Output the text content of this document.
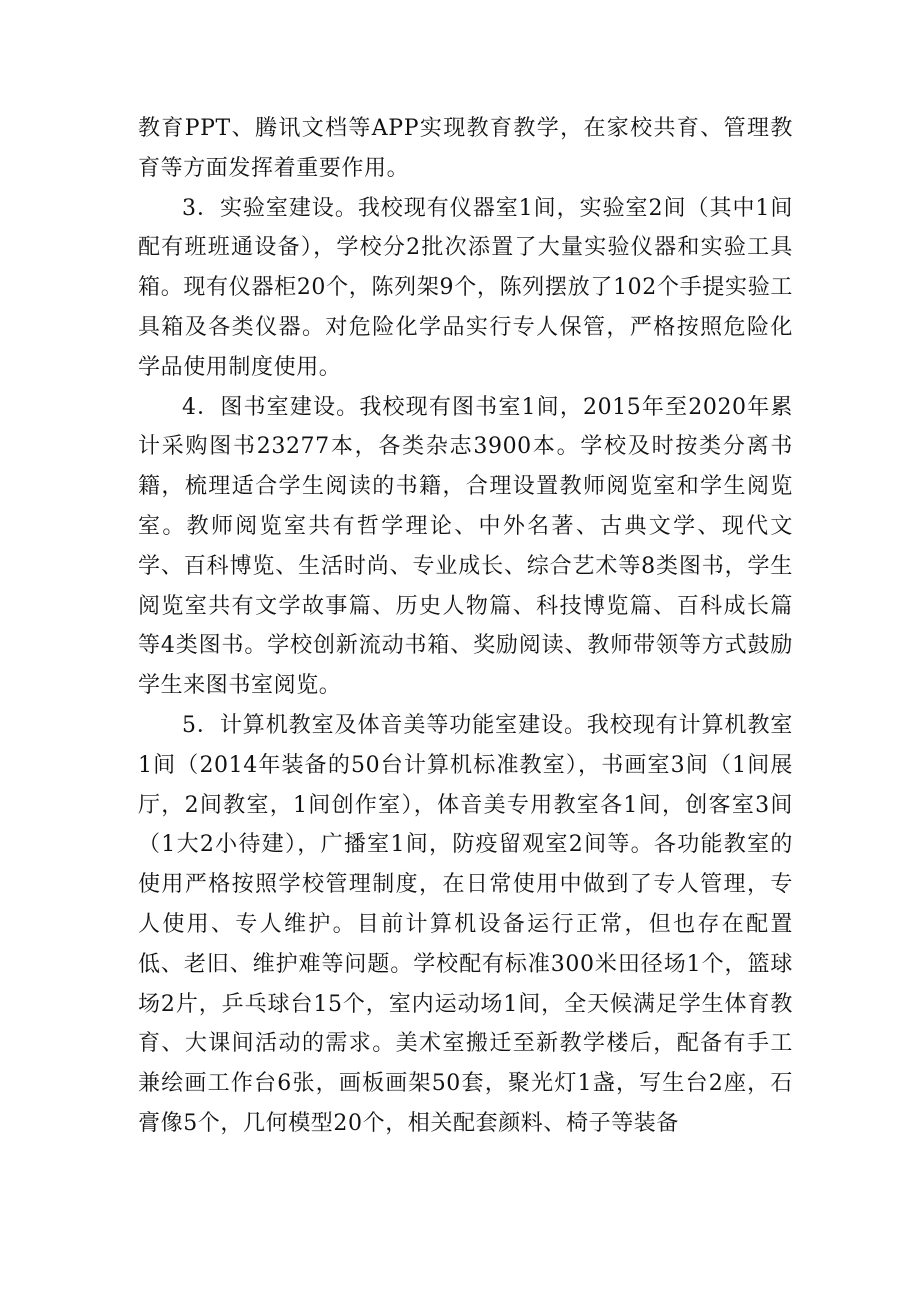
教育PPT、腾讯文档等APP实现教育教学，在家校共育、管理教育等方面发挥着重要作用。

3．实验室建设。我校现有仪器室1间，实验室2间（其中1间配有班班通设备），学校分2批次添置了大量实验仪器和实验工具箱。现有仪器柜20个，陈列架9个，陈列摆放了102个手提实验工具箱及各类仪器。对危险化学品实行专人保管，严格按照危险化学品使用制度使用。

4．图书室建设。我校现有图书室1间，2015年至2020年累计采购图书23277本，各类杂志3900本。学校及时按类分离书籍，梳理适合学生阅读的书籍，合理设置教师阅览室和学生阅览室。教师阅览室共有哲学理论、中外名著、古典文学、现代文学、百科博览、生活时尚、专业成长、综合艺术等8类图书，学生阅览室共有文学故事篇、历史人物篇、科技博览篇、百科成长篇等4类图书。学校创新流动书箱、奖励阅读、教师带领等方式鼓励学生来图书室阅览。

5．计算机教室及体音美等功能室建设。我校现有计算机教室1间（2014年装备的50台计算机标准教室），书画室3间（1间展厅，2间教室，1间创作室），体音美专用教室各1间，创客室3间（1大2小待建），广播室1间，防疫留观室2间等。各功能教室的使用严格按照学校管理制度，在日常使用中做到了专人管理，专人使用、专人维护。目前计算机设备运行正常，但也存在配置低、老旧、维护难等问题。学校配有标准300米田径场1个，篮球场2片，乒乓球台15个，室内运动场1间，全天候满足学生体育教育、大课间活动的需求。美术室搬迁至新教学楼后，配备有手工兼绘画工作台6张，画板画架50套，聚光灯1盏，写生台2座，石膏像5个，几何模型20个，相关配套颜料、椅子等装备
